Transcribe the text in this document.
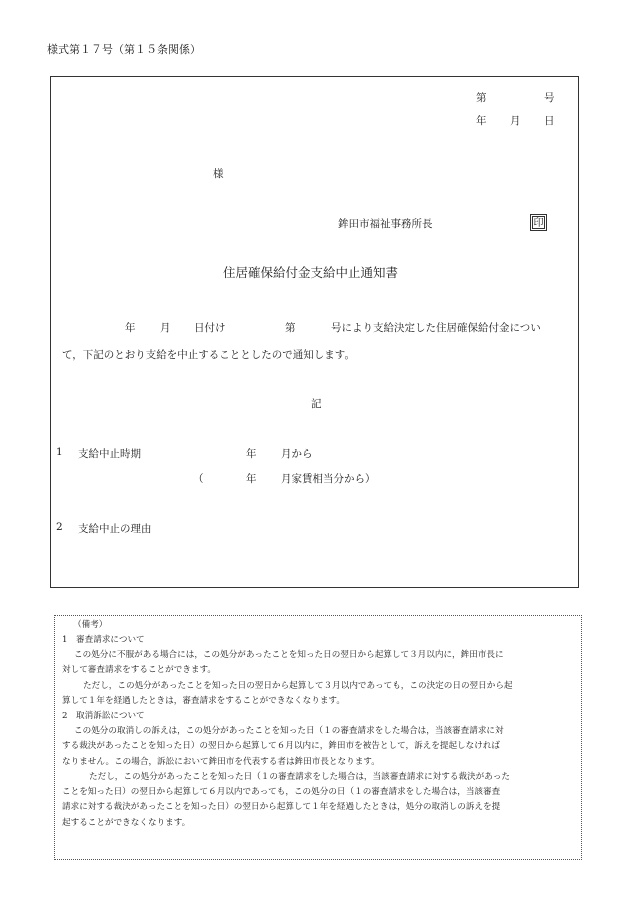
様式第１７号（第１５条関係）
第	号
年 月 日
様
鉾田市福祉事務所長	印
住居確保給付金支給中止通知書
年 月 日付け	第	号により支給決定した住居確保給付金につい
て，下記のとおり支給を中止することとしたので通知します。
記
1 支給中止時期	年 月から
（	年 月家賃相当分から）
2 支給中止の理由
（備考）
1　審査請求について
この処分に不服がある場合には，この処分があったことを知った日の翌日から起算して３月以内に，鉾田市長に
対して審査請求をすることができます。
ただし，この処分があったことを知った日の翌日から起算して３月以内であっても，この決定の日の翌日から起
算して１年を経過したときは，審査請求をすることができなくなります。
2　取消訴訟について
この処分の取消しの訴えは，この処分があったことを知った日（１の審査請求をした場合は，当該審査請求に対
する裁決があったことを知った日）の翌日から起算して６月以内に，鉾田市を被告として，訴えを提起しなければ
なりません。この場合，訴訟において鉾田市を代表する者は鉾田市長となります。
ただし，この処分があったことを知った日（１の審査請求をした場合は，当該審査請求に対する裁決があった
ことを知った日）の翌日から起算して６月以内であっても，この処分の日（１の審査請求をした場合は，当該審査
請求に対する裁決があったことを知った日）の翌日から起算して１年を経過したときは，処分の取消しの訴えを提
起することができなくなります。
